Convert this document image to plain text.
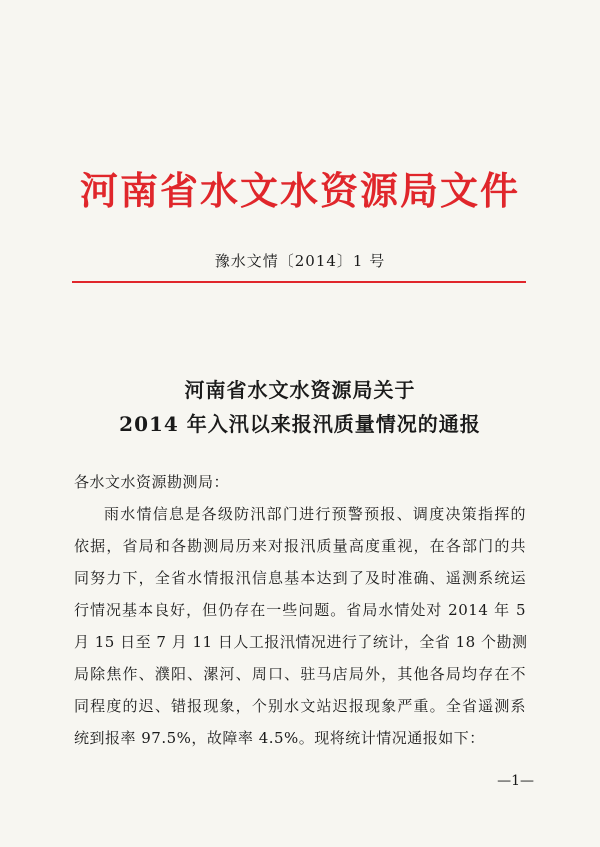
河南省水文水资源局文件
豫水文情〔2014〕1 号
河南省水文水资源局关于
2014 年入汛以来报汛质量情况的通报
各水文水资源勘测局：
雨水情信息是各级防汛部门进行预警预报、调度决策指挥的
依据，省局和各勘测局历来对报汛质量高度重视，在各部门的共
同努力下，全省水情报汛信息基本达到了及时准确、遥测系统运
行情况基本良好，但仍存在一些问题。省局水情处对 2014 年 5
月 15 日至 7 月 11 日人工报汛情况进行了统计，全省 18 个勘测
局除焦作、濮阳、漯河、周口、驻马店局外，其他各局均存在不
同程度的迟、错报现象，个别水文站迟报现象严重。全省遥测系
统到报率 97.5%，故障率 4.5%。现将统计情况通报如下：
—1—
